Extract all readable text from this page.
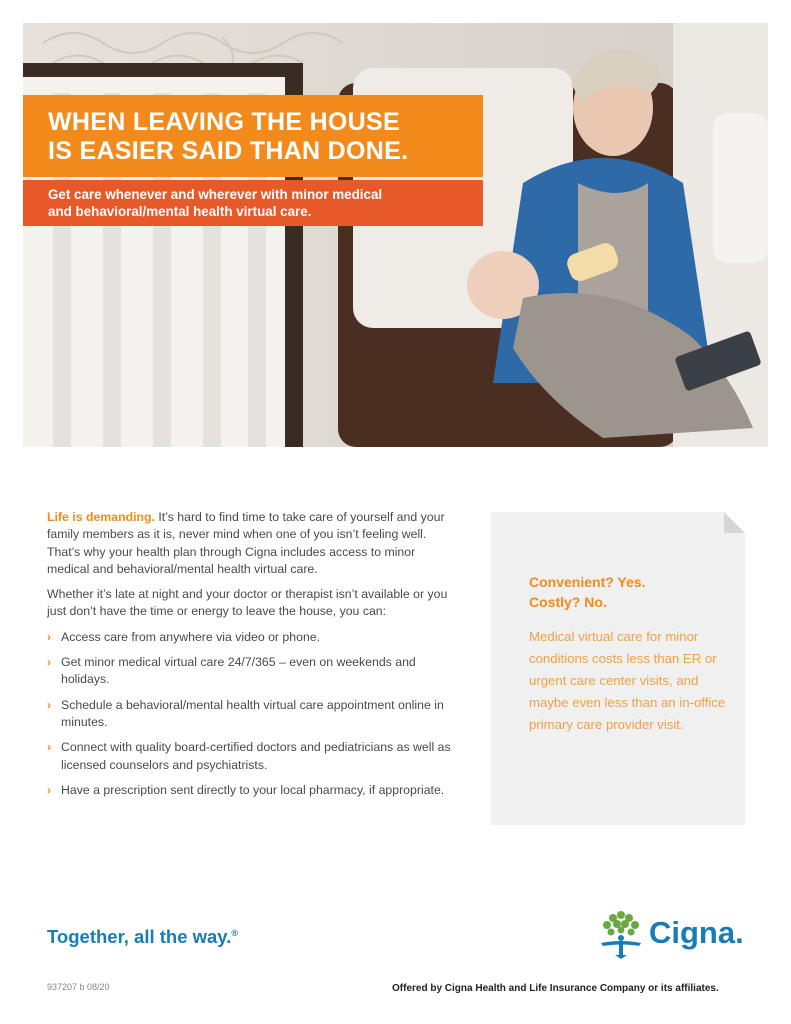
WHEN LEAVING THE HOUSE
IS EASIER SAID THAN DONE.
Get care whenever and wherever with minor medical
and behavioral/mental health virtual care.

Life is demanding. It’s hard to find time to take care of yourself and your family members as it is, never mind when one of you isn’t feeling well. That’s why your health plan through Cigna includes access to minor medical and behavioral/mental health virtual care.

Whether it’s late at night and your doctor or therapist isn’t available or you just don’t have the time or energy to leave the house, you can:

› Access care from anywhere via video or phone.
› Get minor medical virtual care 24/7/365 – even on weekends and holidays.
› Schedule a behavioral/mental health virtual care appointment online in minutes.
› Connect with quality board-certified doctors and pediatricians as well as licensed counselors and psychiatrists.
› Have a prescription sent directly to your local pharmacy, if appropriate.
Convenient? Yes.
Costly? No.
Medical virtual care for minor conditions costs less than ER or urgent care center visits, and maybe even less than an in-office primary care provider visit.
Together, all the way.®	Cigna.
937207 b 08/20	Offered by Cigna Health and Life Insurance Company or its affiliates.
